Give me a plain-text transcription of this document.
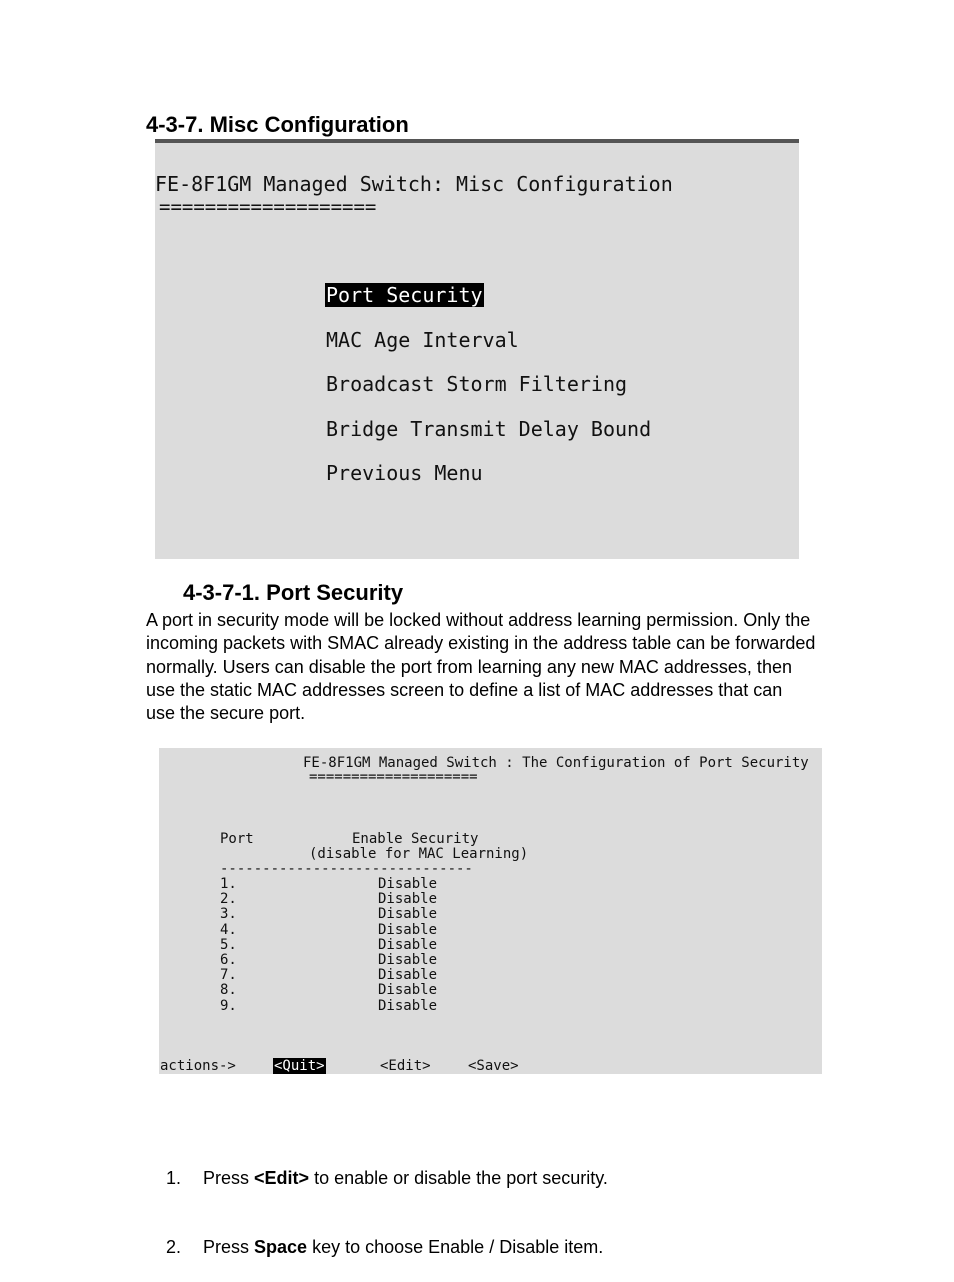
4-3-7. Misc Configuration
FE-8F1GM Managed Switch: Misc Configuration
===================
Port Security
MAC Age Interval
Broadcast Storm Filtering
Bridge Transmit Delay Bound
Previous Menu
4-3-7-1. Port Security
A port in security mode will be locked without address learning permission. Only the incoming packets with SMAC already existing in the address table can be forwarded normally. Users can disable the port from learning any new MAC addresses, then use the static MAC addresses screen to define a list of MAC addresses that can use the secure port.
FE-8F1GM Managed Switch : The Configuration of Port Security
====================
Port	Enable Security
(disable for MAC Learning)
------------------------------
1.	Disable
2.	Disable
3.	Disable
4.	Disable
5.	Disable
6.	Disable
7.	Disable
8.	Disable
9.	Disable
actions->	<Quit>	<Edit>	<Save>

1. Press <Edit> to enable or disable the port security.

2. Press Space key to choose Enable / Disable item.
